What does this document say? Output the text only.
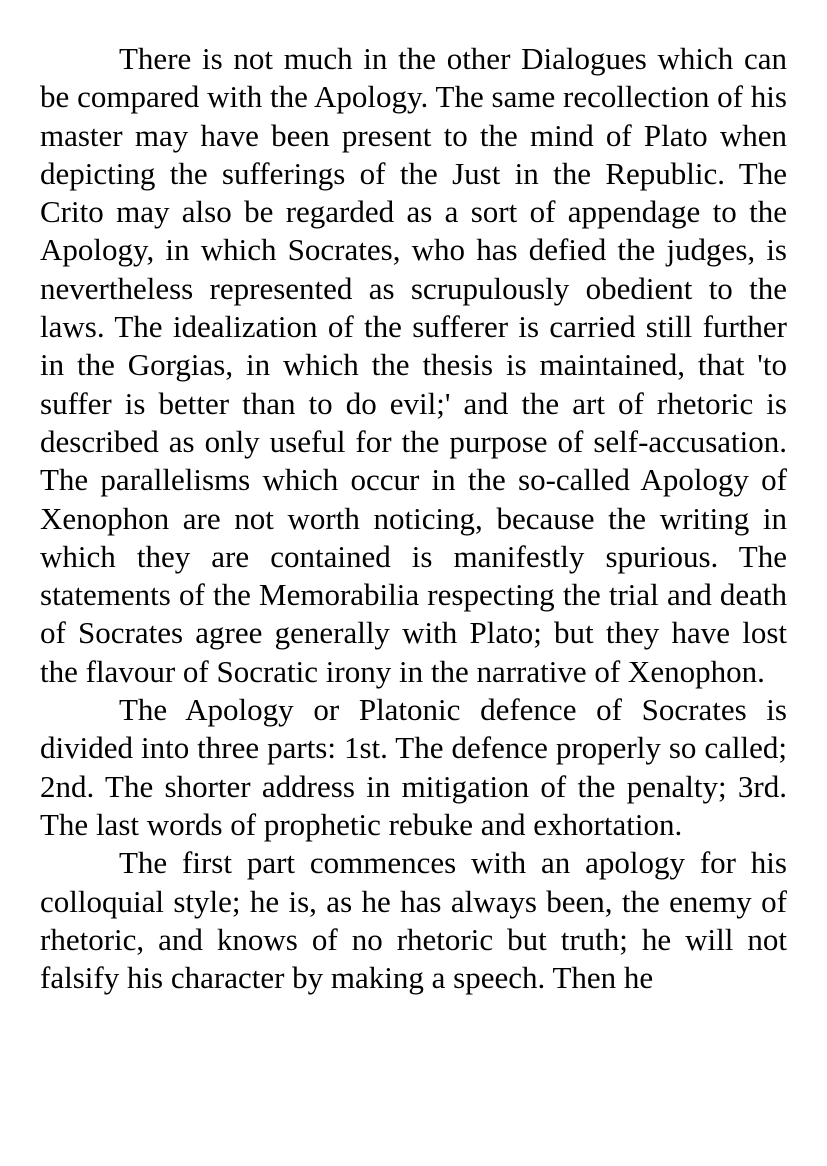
There is not much in the other Dialogues which can be compared with the Apology. The same recollection of his master may have been present to the mind of Plato when depicting the sufferings of the Just in the Republic. The Crito may also be regarded as a sort of appendage to the Apology, in which Socrates, who has defied the judges, is nevertheless represented as scrupulously obedient to the laws. The idealization of the sufferer is carried still further in the Gorgias, in which the thesis is maintained, that 'to suffer is better than to do evil;' and the art of rhetoric is described as only useful for the purpose of self-accusation. The parallelisms which occur in the so-called Apology of Xenophon are not worth noticing, because the writing in which they are contained is manifestly spurious. The statements of the Memorabilia respecting the trial and death of Socrates agree generally with Plato; but they have lost the flavour of Socratic irony in the narrative of Xenophon.

The Apology or Platonic defence of Socrates is divided into three parts: 1st. The defence properly so called; 2nd. The shorter address in mitigation of the penalty; 3rd. The last words of prophetic rebuke and exhortation.

The first part commences with an apology for his colloquial style; he is, as he has always been, the enemy of rhetoric, and knows of no rhetoric but truth; he will not falsify his character by making a speech. Then he
